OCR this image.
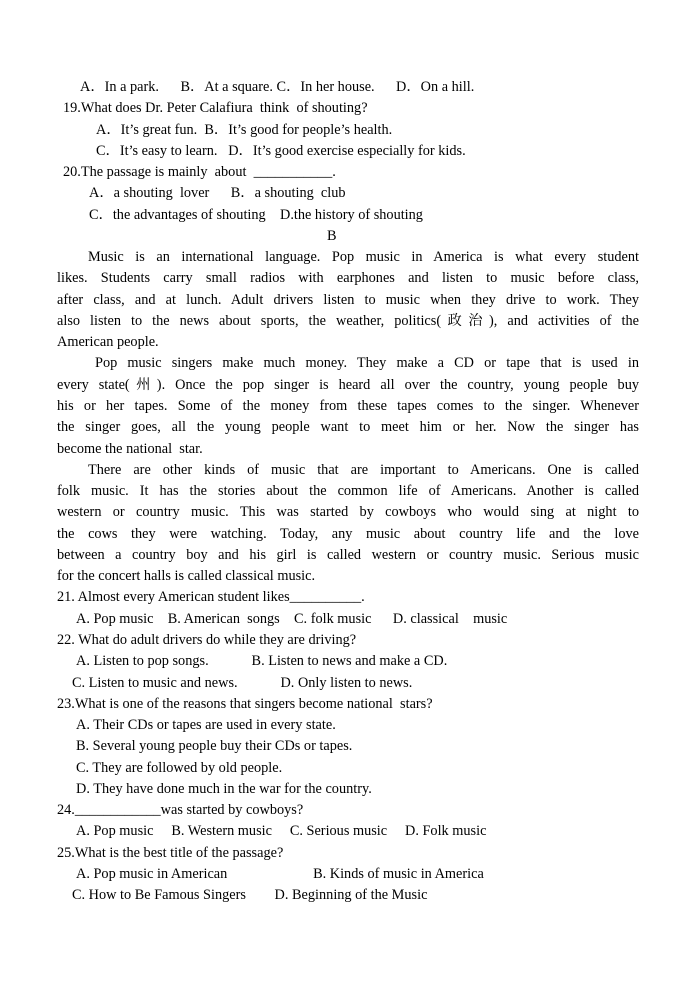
A．In a park.      B．At a square. C．In her house.      D．On a hill.
19.What does Dr. Peter Calafiura  think  of shouting?
A．It’s great fun.  B．It’s good for people’s health.
C．It’s easy to learn.   D．It’s good exercise especially for kids.
20.The passage is mainly  about  ___________.
A．a shouting  lover      B．a shouting  club
C．the advantages of shouting    D.the history of shouting
B
Music is an international language. Pop music in America is what every student
likes. Students carry small radios with earphones and listen to music before class,
after class, and at lunch. Adult drivers listen to music when they drive to work. They
also listen to the news about sports, the weather, politics(政治), and activities of the
American people.
Pop music singers make much money. They make a CD or tape that is used in
every state(州). Once the pop singer is heard all over the country, young people buy
his or her tapes. Some of the money from these tapes comes to the singer. Whenever
the singer goes, all the young people want to meet him or her. Now the singer has
become the national  star.
There are other kinds of music that are important to Americans. One is called
folk music. It has the stories about the common life of Americans. Another is called
western or country music. This was started by cowboys who would sing at night to
the cows they were watching. Today, any music about country life and the love
between a country boy and his girl is called western or country music. Serious music
for the concert halls is called classical music.
21. Almost every American student likes__________.
A. Pop music    B. American  songs    C. folk music      D. classical    music
22. What do adult drivers do while they are driving?
A. Listen to pop songs.            B. Listen to news and make a CD.
C. Listen to music and news.            D. Only listen to news.
23.What is one of the reasons that singers become national  stars?
A. Their CDs or tapes are used in every state.
B. Several young people buy their CDs or tapes.
C. They are followed by old people.
D. They have done much in the war for the country.
24.____________was started by cowboys?
A. Pop music     B. Western music     C. Serious music     D. Folk music
25.What is the best title of the passage?
A. Pop music in American                        B. Kinds of music in America
C. How to Be Famous Singers        D. Beginning of the Music
